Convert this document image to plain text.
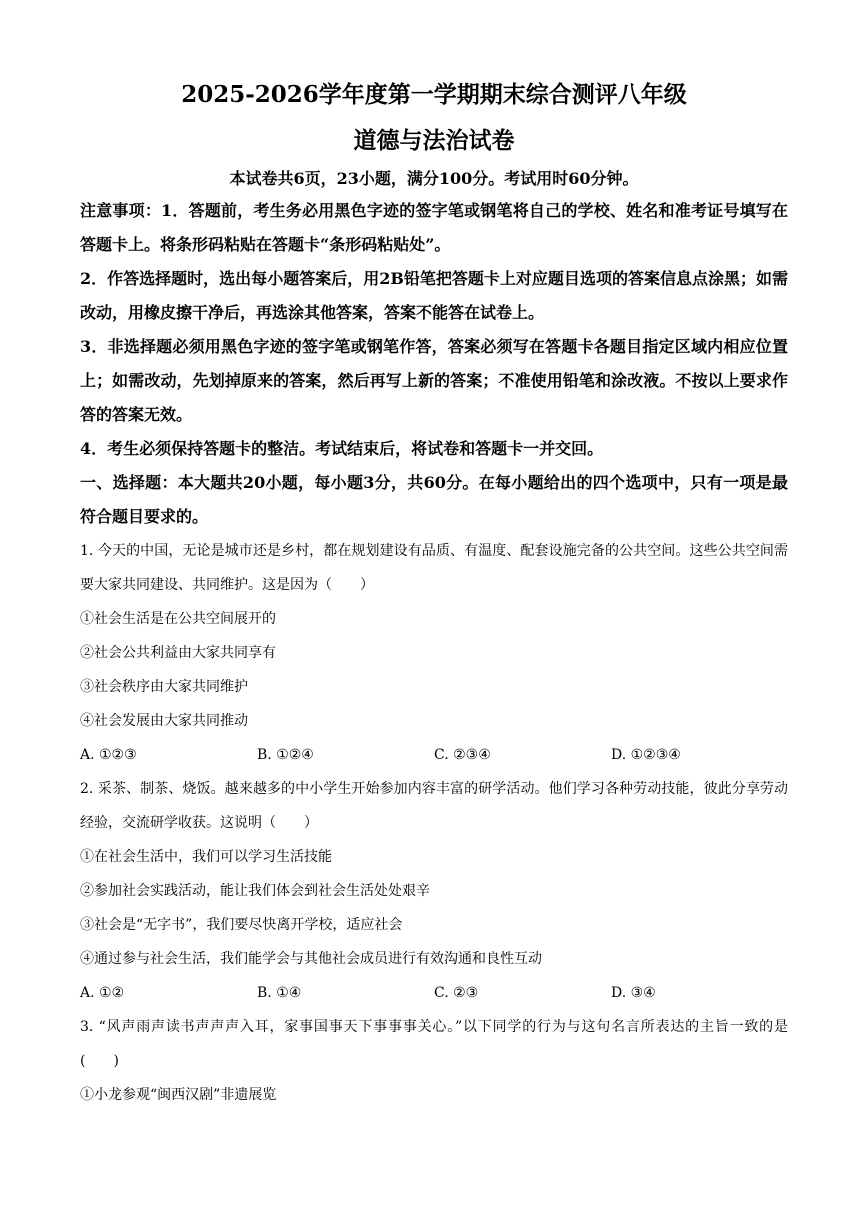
2025-2026学年度第一学期期末综合测评八年级
道德与法治试卷

本试卷共6页，23小题，满分100分。考试用时60分钟。

注意事项：1．答题前，考生务必用黑色字迹的签字笔或钢笔将自己的学校、姓名和准考证号填写在答题卡上。将条形码粘贴在答题卡“条形码粘贴处”。

2．作答选择题时，选出每小题答案后，用2B铅笔把答题卡上对应题目选项的答案信息点涂黑；如需改动，用橡皮擦干净后，再选涂其他答案，答案不能答在试卷上。

3．非选择题必须用黑色字迹的签字笔或钢笔作答，答案必须写在答题卡各题目指定区域内相应位置上；如需改动，先划掉原来的答案，然后再写上新的答案；不准使用铅笔和涂改液。不按以上要求作答的答案无效。

4．考生必须保持答题卡的整洁。考试结束后，将试卷和答题卡一并交回。

一、选择题：本大题共20小题，每小题3分，共60分。在每小题给出的四个选项中，只有一项是最符合题目要求的。

1. 今天的中国，无论是城市还是乡村，都在规划建设有品质、有温度、配套设施完备的公共空间。这些公共空间需要大家共同建设、共同维护。这是因为（　　）

①社会生活是在公共空间展开的

②社会公共利益由大家共同享有

③社会秩序由大家共同维护

④社会发展由大家共同推动

A. ①②③	B. ①②④	C. ②③④	D. ①②③④

2. 采茶、制茶、烧饭。越来越多的中小学生开始参加内容丰富的研学活动。他们学习各种劳动技能，彼此分享劳动经验，交流研学收获。这说明（　　）

①在社会生活中，我们可以学习生活技能

②参加社会实践活动，能让我们体会到社会生活处处艰辛

③社会是“无字书”，我们要尽快离开学校，适应社会

④通过参与社会生活，我们能学会与其他社会成员进行有效沟通和良性互动

A. ①②	B. ①④	C. ②③	D. ③④

3. “风声雨声读书声声声入耳，家事国事天下事事事关心。”以下同学的行为与这句名言所表达的主旨一致的是(　　)

①小龙参观“闽西汉剧”非遗展览
